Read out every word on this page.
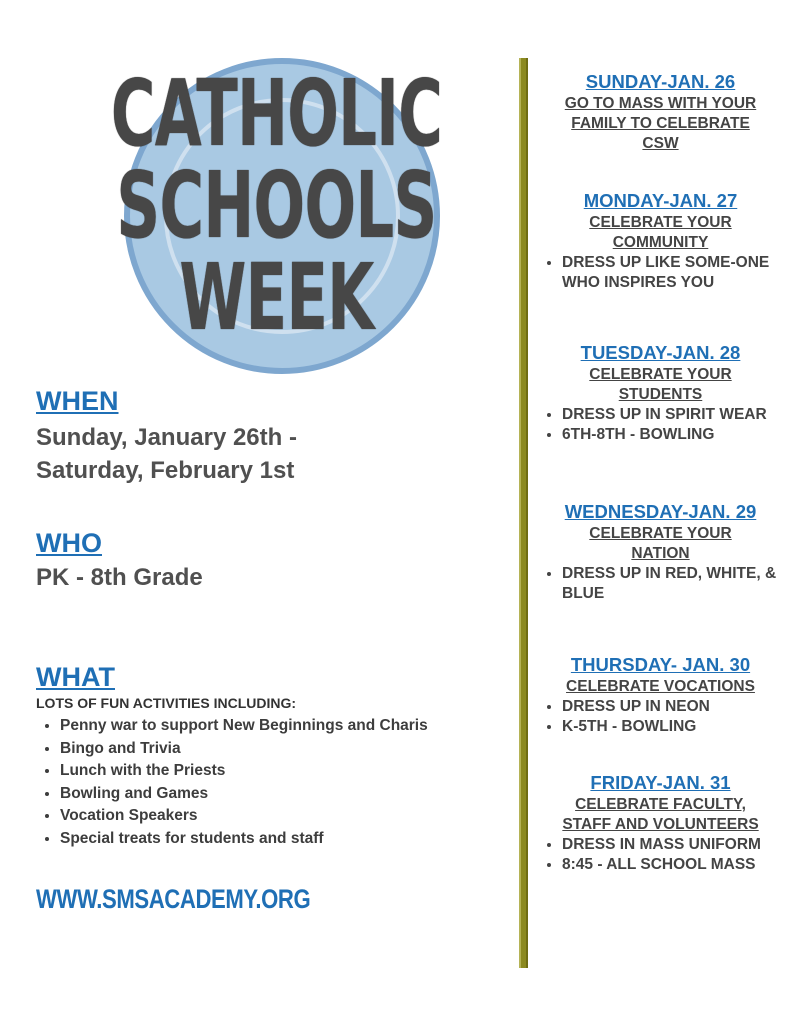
CATHOLIC
SCHOOLS
WEEK
WHEN
Sunday, January 26th -
Saturday, February 1st
WHO
PK - 8th Grade
WHAT
LOTS OF FUN ACTIVITIES INCLUDING:
• Penny war to support New Beginnings and Charis
• Bingo and Trivia
• Lunch with the Priests
• Bowling and Games
• Vocation Speakers
• Special treats for students and staff
WWW.SMSACADEMY.ORG
SUNDAY-JAN. 26
GO TO MASS WITH YOUR
FAMILY TO CELEBRATE
CSW
MONDAY-JAN. 27
CELEBRATE YOUR
COMMUNITY
• DRESS UP LIKE SOME-ONE WHO INSPIRES YOU
TUESDAY-JAN. 28
CELEBRATE YOUR
STUDENTS
• DRESS UP IN SPIRIT WEAR
• 6TH-8TH - BOWLING
WEDNESDAY-JAN. 29
CELEBRATE YOUR
NATION
• DRESS UP IN RED, WHITE, & BLUE
THURSDAY- JAN. 30
CELEBRATE VOCATIONS
• DRESS UP IN NEON
• K-5TH - BOWLING
FRIDAY-JAN. 31
CELEBRATE FACULTY,
STAFF AND VOLUNTEERS
• DRESS IN MASS UNIFORM
• 8:45 - ALL SCHOOL MASS
